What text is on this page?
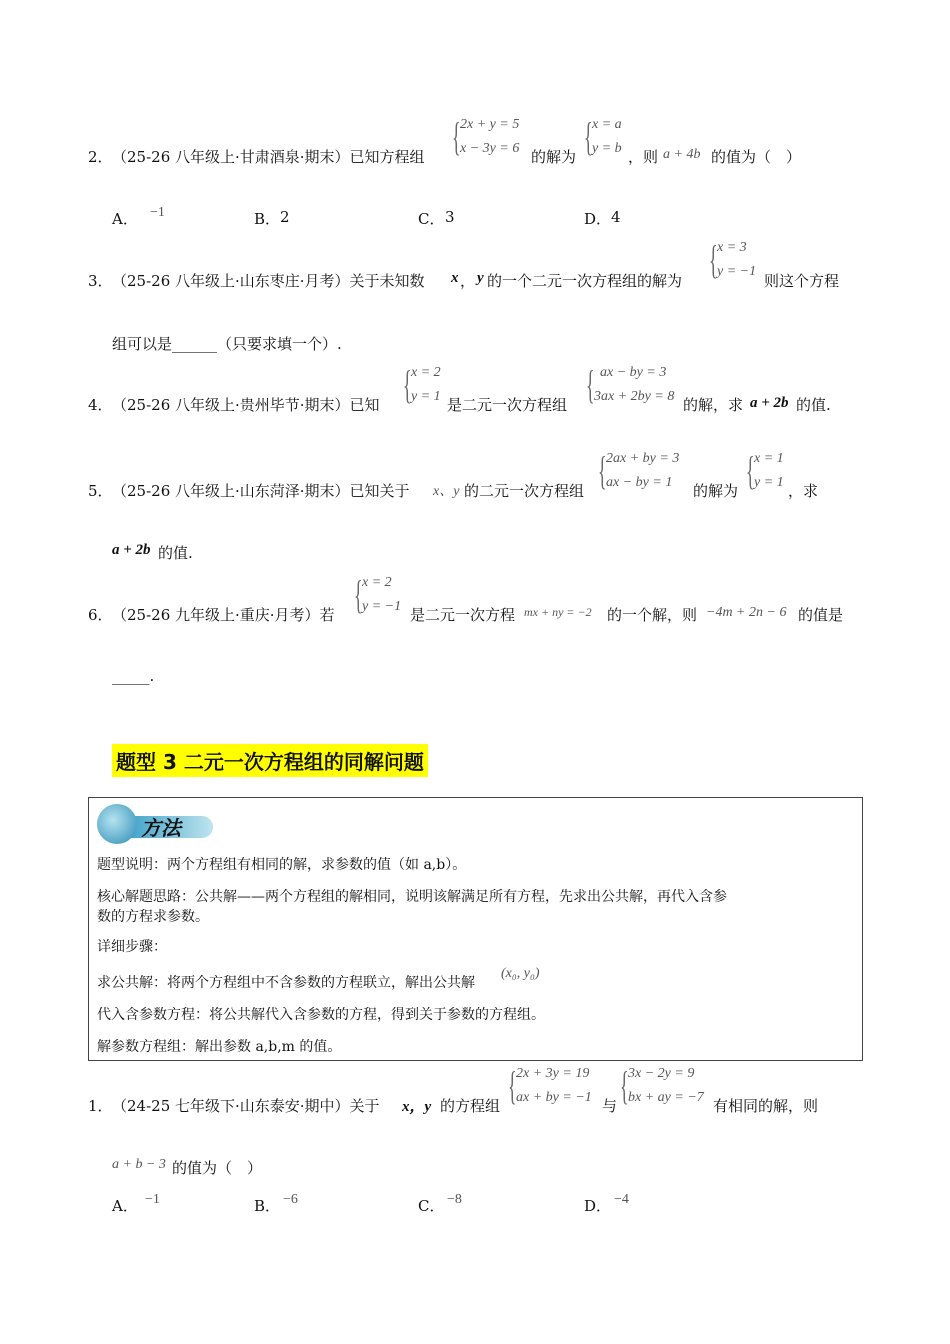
2． （25-26 八年级上·甘肃酒泉·期末）已知方程组 { 2x + y = 5
x − 3y = 6 的解为 { x = a
y = b ，则 a + 4b 的值为（　）
A． −1	B． 2	C． 3	D． 4
3． （25-26 八年级上·山东枣庄·月考）关于未知数 x ， y 的一个二元一次方程组的解为 { x = 3
y = −1
则这个方程
组可以是______（只要求填一个）.
4． （25-26 八年级上·贵州毕节·期末）已知 { x = 2
y = 1 是二元一次方程组 { ax − by = 3
3ax + 2by = 8 的解，求 a + 2b 的值.
5． （25-26 八年级上·山东菏泽·期末）已知关于 x、y 的二元一次方程组 { 2ax + by = 3
ax − by = 1 的解为 { x = 1
y = 1 ，求
a + 2b 的值.
6． （25-26 九年级上·重庆·月考）若 { x = 2
y = −1 是二元一次方程 mx + ny = −2 的一个解，则 −4m + 2n − 6 的值是
_____.
题型 3 二元一次方程组的同解问题
方法
题型说明：两个方程组有相同的解，求参数的值（如 a,b）。
核心解题思路：公共解——两个方程组的解相同，说明该解满足所有方程，先求出公共解，再代入含参
数的方程求参数。
详细步骤：
求公共解：将两个方程组中不含参数的方程联立，解出公共解
(x₀, y₀)
代入含参数方程：将公共解代入含参数的方程，得到关于参数的方程组。
解参数方程组：解出参数 a,b,m 的值。
1． （24-25 七年级下·山东泰安·期中）关于 x，y 的方程组 { 2x + 3y = 19
ax + by = −1 与 { 3x − 2y = 9
bx + ay = −7 有相同的解，则
a + b − 3 的值为（　）
A． −1	B． −6	C． −8	D． −4
